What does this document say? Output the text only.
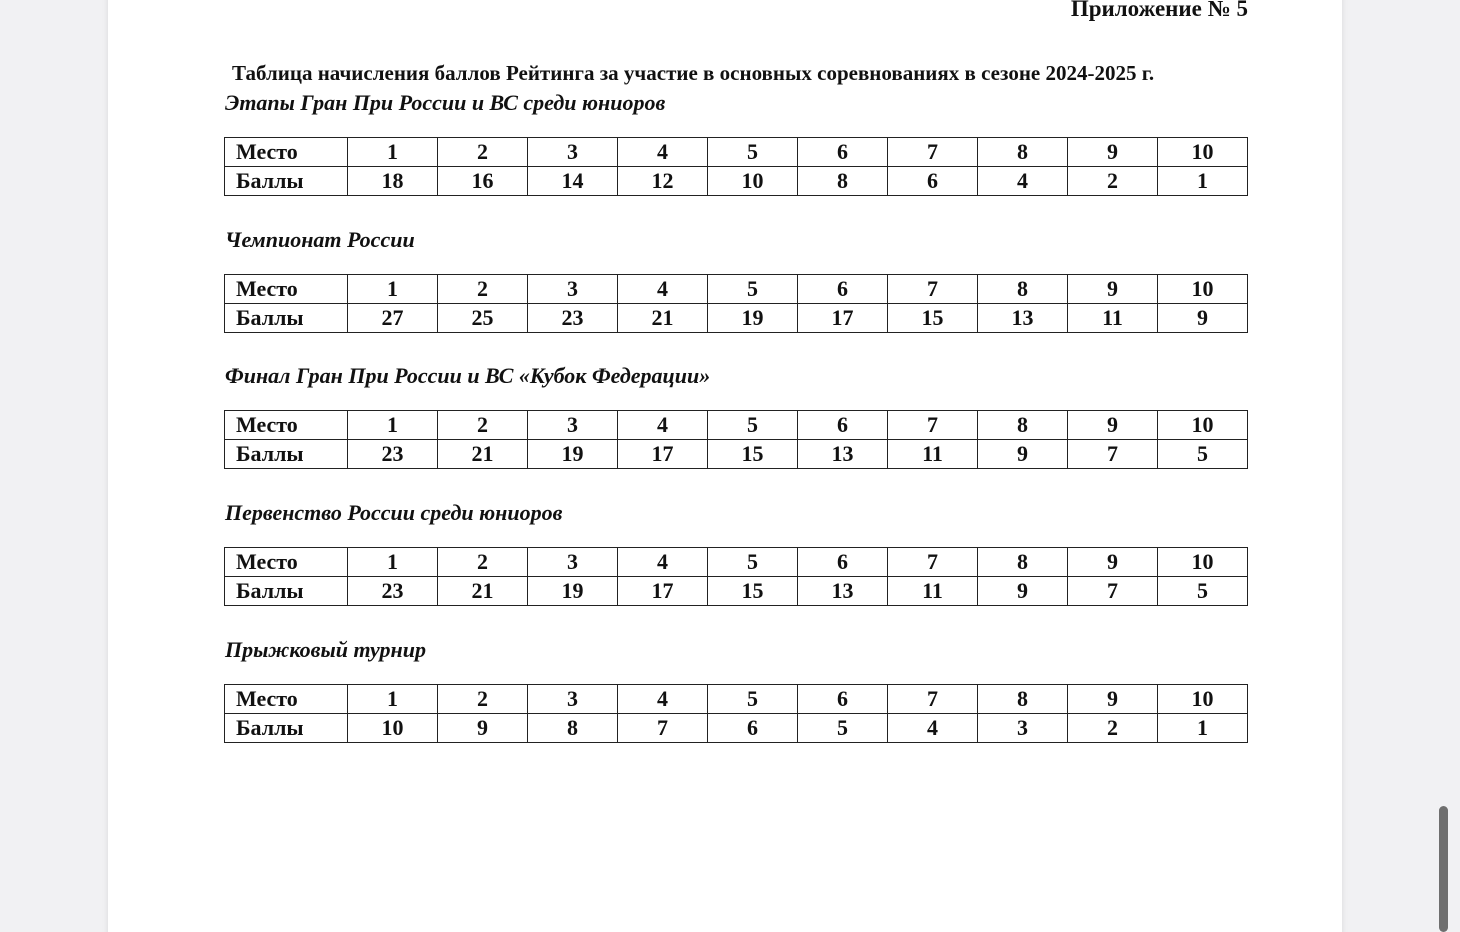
Приложение № 5
Таблица начисления баллов Рейтинга за участие в основных соревнованиях в сезоне 2024-2025 г.
Этапы Гран При России и ВС среди юниоров
Место	1	2	3	4	5	6	7	8	9	10
Баллы	18	16	14	12	10	8	6	4	2	1
Чемпионат России
Место	1	2	3	4	5	6	7	8	9	10
Баллы	27	25	23	21	19	17	15	13	11	9
Финал Гран При России и ВС «Кубок Федерации»
Место	1	2	3	4	5	6	7	8	9	10
Баллы	23	21	19	17	15	13	11	9	7	5
Первенство России среди юниоров
Место	1	2	3	4	5	6	7	8	9	10
Баллы	23	21	19	17	15	13	11	9	7	5
Прыжковый турнир
Место	1	2	3	4	5	6	7	8	9	10
Баллы	10	9	8	7	6	5	4	3	2	1
